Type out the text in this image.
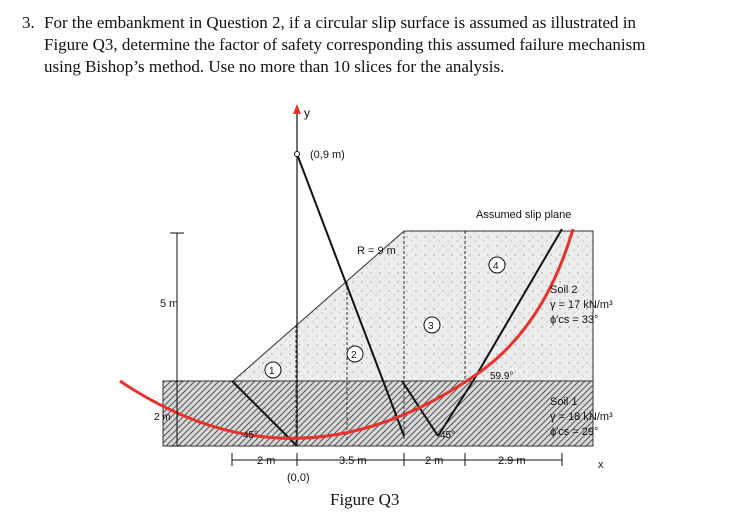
3. For the embankment in Question 2, if a circular slip surface is assumed as illustrated in
Figure Q3, determine the factor of safety corresponding this assumed failure mechanism
using Bishop’s method. Use no more than 10 slices for the analysis.
y
(0,9 m)
Assumed slip plane
R = 9 m
5 m
2 m
45°	45°
59.9°
2 m	3.5 m	2 m	2.9 m	x
(0,0)
1
2
3
4
Soil 2
γ = 17 kN/m³
ϕ′cs = 33°
Soil 1
γ = 18 kN/m³
ϕ′cs = 29°
Figure Q3
